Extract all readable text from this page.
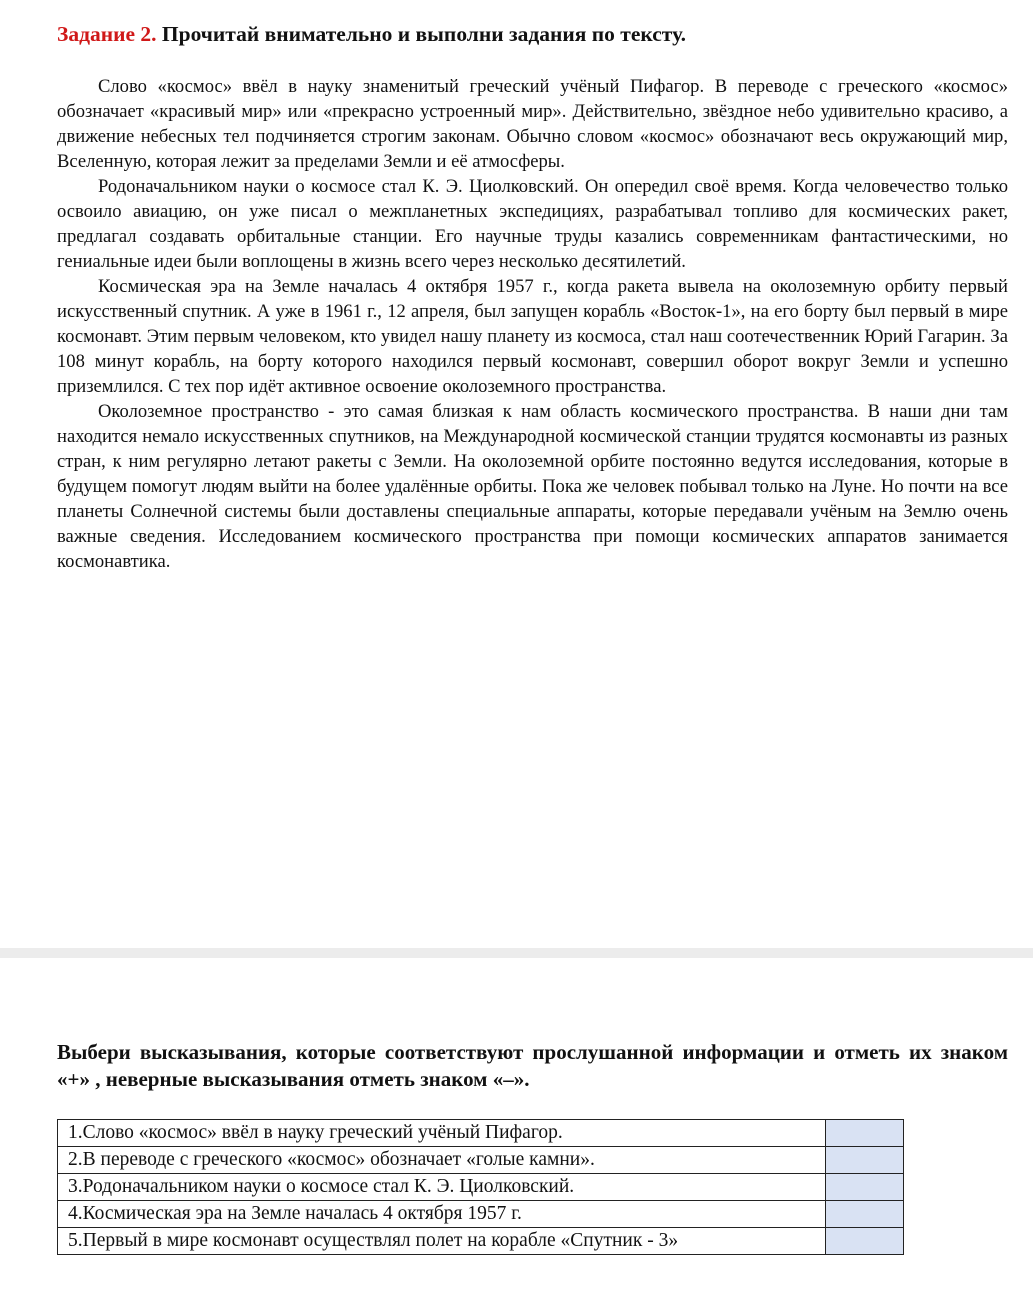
Задание 2. Прочитай внимательно и выполни задания по тексту.

Слово «космос» ввёл в науку знаменитый греческий учёный Пифагор. В переводе с греческого «космос» обозначает «красивый мир» или «прекрасно устроенный мир». Действительно, звёздное небо удивительно красиво, а движение небесных тел подчиняется строгим законам. Обычно словом «космос» обозначают весь окружающий мир, Вселенную, которая лежит за пределами Земли и её атмосферы.

Родоначальником науки о космосе стал К. Э. Циолковский. Он опередил своё время. Когда человечество только освоило авиацию, он уже писал о межпланетных экспедициях, разрабатывал топливо для космических ракет, предлагал создавать орбитальные станции. Его научные труды казались современникам фантастическими, но гениальные идеи были воплощены в жизнь всего через несколько десятилетий.

Космическая эра на Земле началась 4 октября 1957 г., когда ракета вывела на околоземную орбиту первый искусственный спутник. А уже в 1961 г., 12 апреля, был запущен корабль «Восток-1», на его борту был первый в мире космонавт. Этим первым человеком, кто увидел нашу планету из космоса, стал наш соотечественник Юрий Гагарин. За 108 минут корабль, на борту которого находился первый космонавт, совершил оборот вокруг Земли и успешно приземлился. С тех пор идёт активное освоение околоземного пространства.

Околоземное пространство - это самая близкая к нам область космического пространства. В наши дни там находится немало искусственных спутников, на Международной космической станции трудятся космонавты из разных стран, к ним регулярно летают ракеты с Земли. На околоземной орбите постоянно ведутся исследования, которые в будущем помогут людям выйти на более удалённые орбиты. Пока же человек побывал только на Луне. Но почти на все планеты Солнечной системы были доставлены специальные аппараты, которые передавали учёным на Землю очень важные сведения. Исследованием космического пространства при помощи космических аппаратов занимается космонавтика.

Выбери высказывания, которые соответствуют прослушанной информации и отметь их знаком «+» , неверные высказывания отметь знаком «–».
1.Слово «космос» ввёл в науку греческий учёный Пифагор.	
2.В переводе с греческого «космос» обозначает «голые камни».	
3.Родоначальником науки о космосе стал К. Э. Циолковский.	
4.Космическая эра на Земле началась 4 октября 1957 г.	
5.Первый в мире космонавт осуществлял полет на корабле «Спутник - 3»	
